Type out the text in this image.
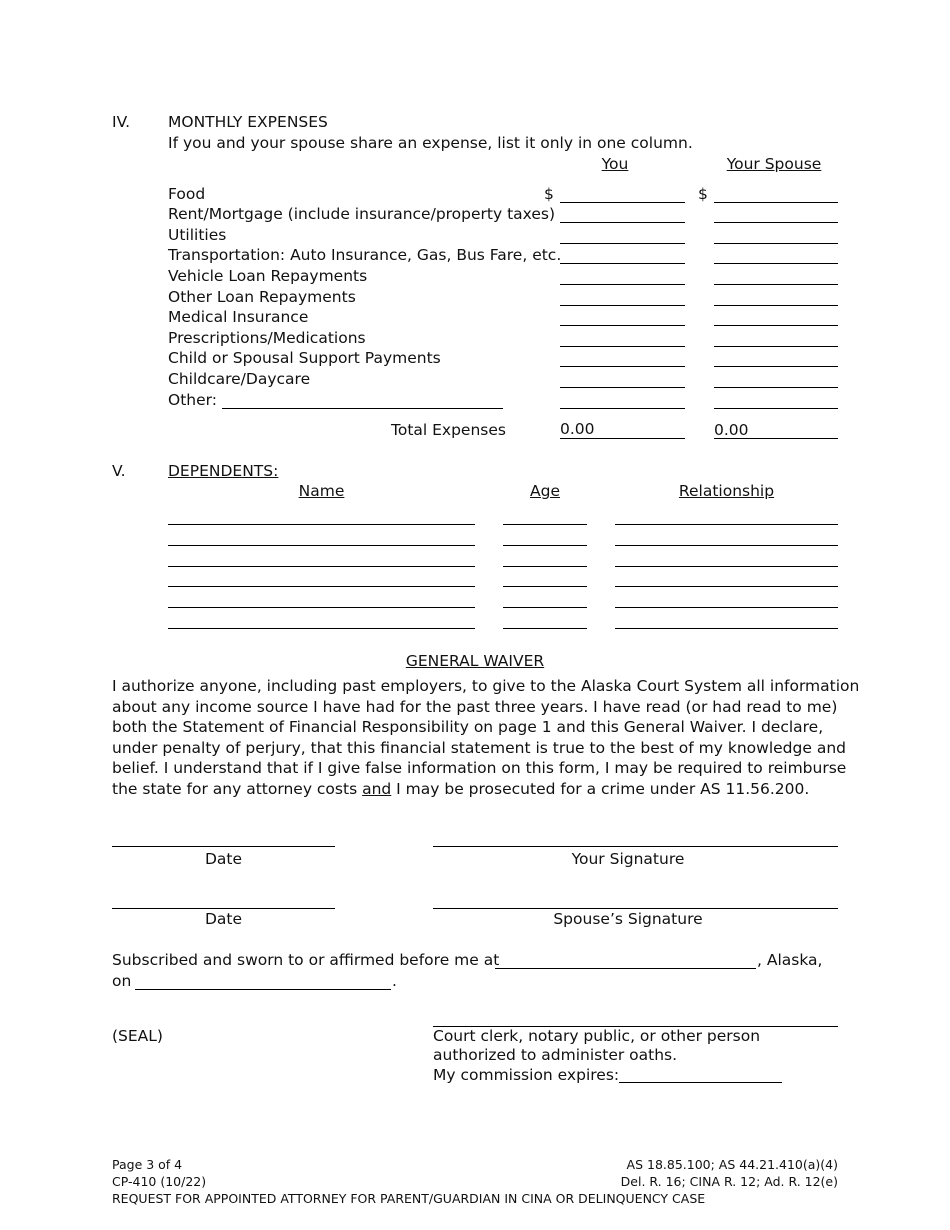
IV. MONTHLY EXPENSES
If you and your spouse share an expense, list it only in one column.
You	Your Spouse
Food	$	$
Rent/Mortgage (include insurance/property taxes)
Utilities
Transportation: Auto Insurance, Gas, Bus Fare, etc.
Vehicle Loan Repayments
Other Loan Repayments
Medical Insurance
Prescriptions/Medications
Child or Spousal Support Payments
Childcare/Daycare
Other:
Total Expenses	0.00	0.00
V.	DEPENDENTS:
Name	Age	Relationship
GENERAL WAIVER
I authorize anyone, including past employers, to give to the Alaska Court System all information about any income source I have had for the past three years. I have read (or had read to me) both the Statement of Financial Responsibility on page 1 and this General Waiver. I declare, under penalty of perjury, that this financial statement is true to the best of my knowledge and belief. I understand that if I give false information on this form, I may be required to reimburse the state for any attorney costs and I may be prosecuted for a crime under AS 11.56.200.
Date	Your Signature
Date	Spouse’s Signature
Subscribed and sworn to or affirmed before me at	, Alaska,
on	.
(SEAL)	Court clerk, notary public, or other person
authorized to administer oaths.
My commission expires:
Page 3 of 4
CP-410 (10/22)
REQUEST FOR APPOINTED ATTORNEY FOR PARENT/GUARDIAN IN CINA OR DELINQUENCY CASE
AS 18.85.100; AS 44.21.410(a)(4)
Del. R. 16; CINA R. 12; Ad. R. 12(e)
